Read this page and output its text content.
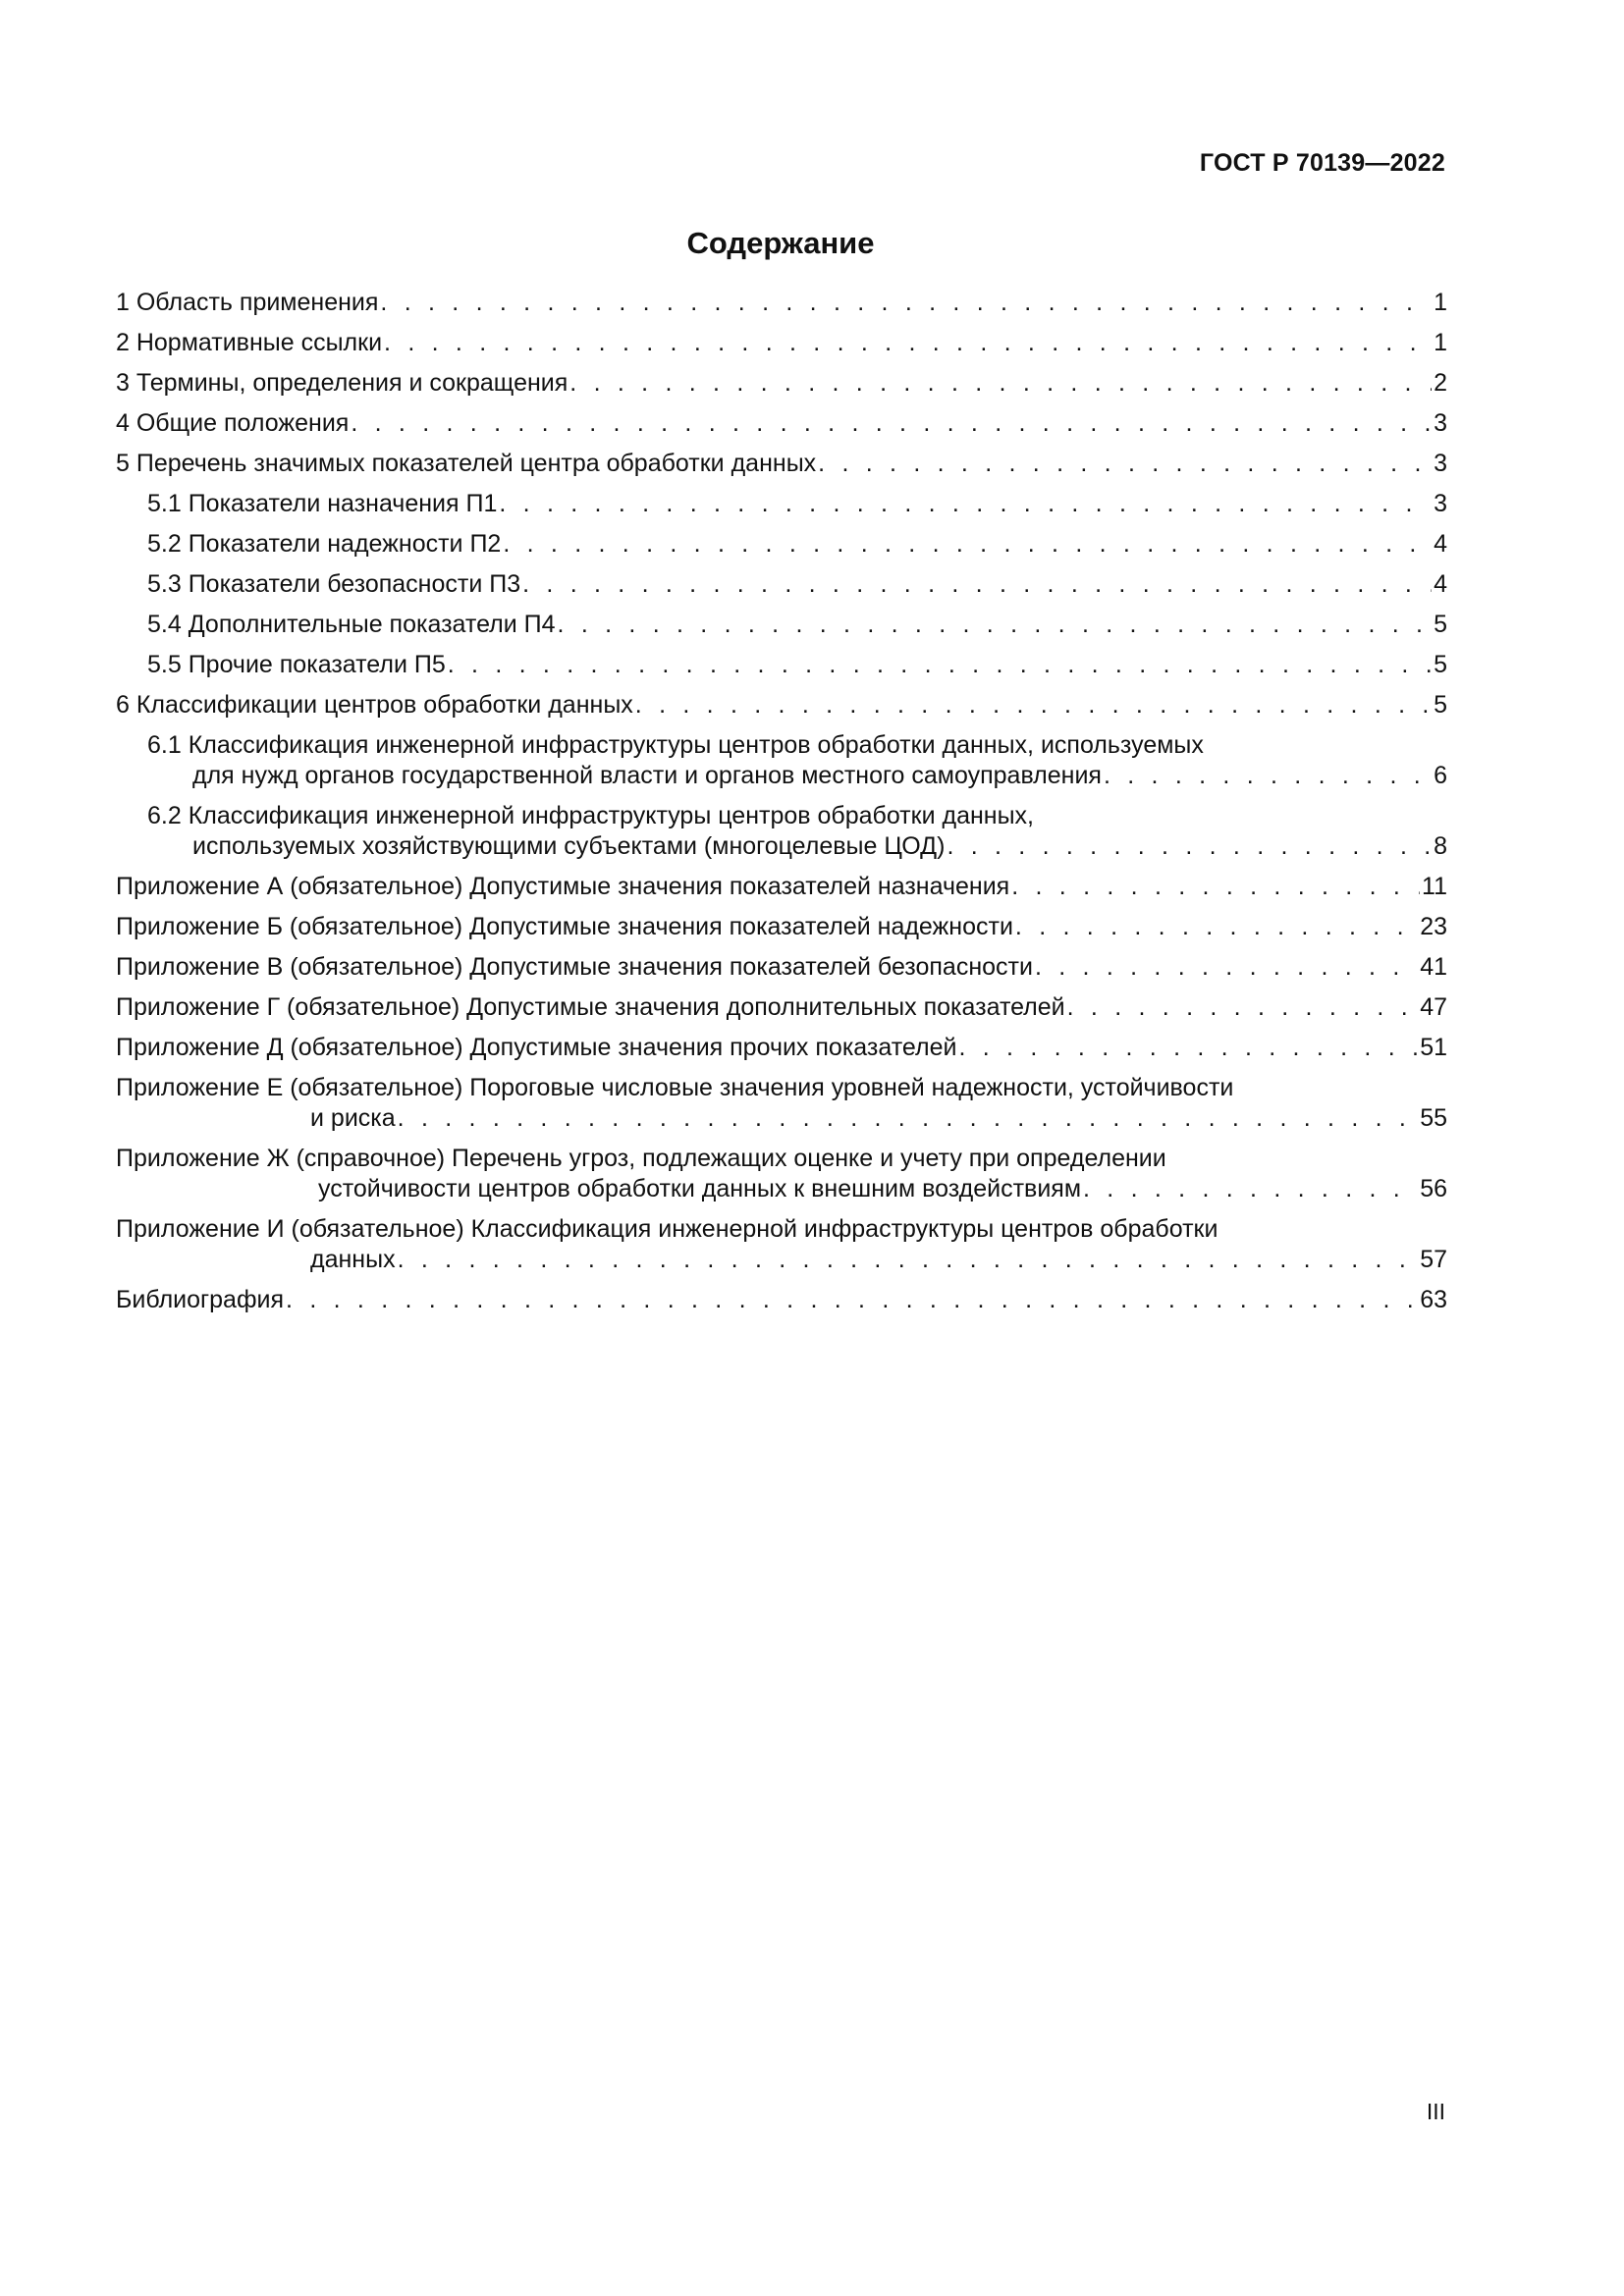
ГОСТ Р 70139—2022
Содержание
1 Область применения . . .	1
2 Нормативные ссылки . . .	1
3 Термины, определения и сокращения . . .	2
4 Общие положения . . .	3
5 Перечень значимых показателей центра обработки данных . . .	3
5.1 Показатели назначения П1 . . .	3
5.2 Показатели надежности П2 . . .	4
5.3 Показатели безопасности П3 . . .	4
5.4 Дополнительные показатели П4 . . .	5
5.5 Прочие показатели П5 . . .	5
6 Классификации центров обработки данных . . .	5
6.1 Классификация инженерной инфраструктуры центров обработки данных, используемых
для нужд органов государственной власти и органов местного самоуправления . . .	6
6.2 Классификация инженерной инфраструктуры центров обработки данных,
используемых хозяйствующими субъектами (многоцелевые ЦОД) . . .	8
Приложение А (обязательное) Допустимые значения показателей назначения . . .	11
Приложение Б (обязательное) Допустимые значения показателей надежности . . .	23
Приложение В (обязательное) Допустимые значения показателей безопасности . . .	41
Приложение Г (обязательное) Допустимые значения дополнительных показателей . . .	47
Приложение Д (обязательное) Допустимые значения прочих показателей . . .	51
Приложение Е (обязательное) Пороговые числовые значения уровней надежности, устойчивости
и риска . . .	55
Приложение Ж (справочное) Перечень угроз, подлежащих оценке и учету при определении
устойчивости центров обработки данных к внешним воздействиям . . .	56
Приложение И (обязательное) Классификация инженерной инфраструктуры центров обработки
данных . . .	57
Библиография . . .	63
III
